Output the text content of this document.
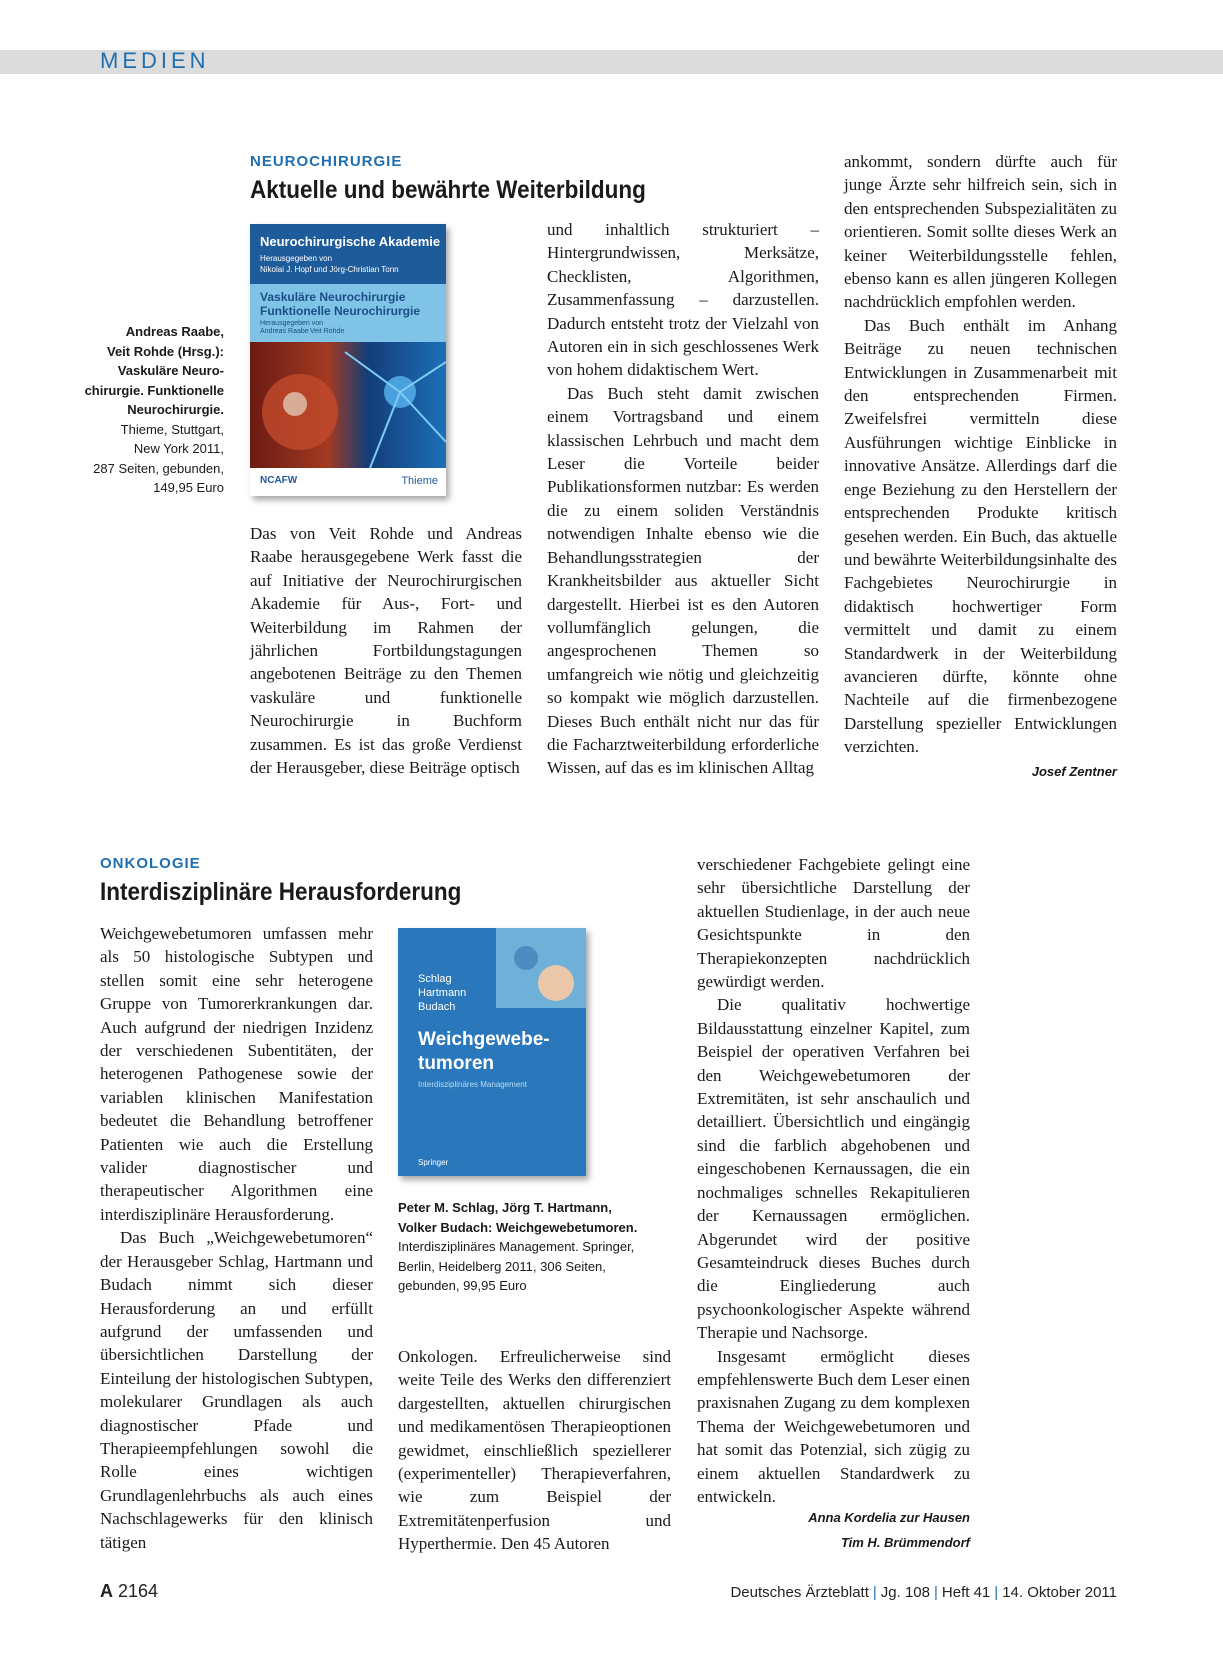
MEDIEN
NEUROCHIRURGIE
Aktuelle und bewährte Weiterbildung
Andreas Raabe,
Veit Rohde (Hrsg.):
Vaskuläre Neuro-
chirurgie. Funktionelle
Neurochirurgie.
Thieme, Stuttgart,
New York 2011,
287 Seiten, gebunden,
149,95 Euro
Neurochirurgische Akademie
Herausgegeben von
Nikolai J. Hopf und Jörg-Christian Tonn
Vaskuläre Neurochirurgie
Funktionelle Neurochirurgie
Herausgegeben von
Andreas Raabe Veit Rohde
NCAFW	Thieme

Das von Veit Rohde und Andreas Raabe herausgegebene Werk fasst die auf Initiative der Neurochirurgischen Akademie für Aus-, Fort- und Weiterbildung im Rahmen der jährlichen Fortbildungstagungen angebotenen Beiträge zu den Themen vaskuläre und funktionelle Neurochirurgie in Buchform zusammen. Es ist das große Verdienst der Herausgeber, diese Beiträge optisch

und inhaltlich strukturiert – Hintergrundwissen, Merksätze, Checklisten, Algorithmen, Zusammenfassung – darzustellen. Dadurch entsteht trotz der Vielzahl von Autoren ein in sich geschlossenes Werk von hohem didaktischem Wert.

Das Buch steht damit zwischen einem Vortragsband und einem klassischen Lehrbuch und macht dem Leser die Vorteile beider Publikationsformen nutzbar: Es werden die zu einem soliden Verständnis notwendigen Inhalte ebenso wie die Behandlungsstrategien der Krankheitsbilder aus aktueller Sicht dargestellt. Hierbei ist es den Autoren vollumfänglich gelungen, die angesprochenen Themen so umfangreich wie nötig und gleichzeitig so kompakt wie möglich darzustellen. Dieses Buch enthält nicht nur das für die Facharztweiterbildung erforderliche Wissen, auf das es im klinischen Alltag

ankommt, sondern dürfte auch für junge Ärzte sehr hilfreich sein, sich in den entsprechenden Subspezialitäten zu orientieren. Somit sollte dieses Werk an keiner Weiterbildungsstelle fehlen, ebenso kann es allen jüngeren Kollegen nachdrücklich empfohlen werden.

Das Buch enthält im Anhang Beiträge zu neuen technischen Entwicklungen in Zusammenarbeit mit den entsprechenden Firmen. Zweifelsfrei vermitteln diese Ausführungen wichtige Einblicke in innovative Ansätze. Allerdings darf die enge Beziehung zu den Herstellern der entsprechenden Produkte kritisch gesehen werden. Ein Buch, das aktuelle und bewährte Weiterbildungsinhalte des Fachgebietes Neurochirurgie in didaktisch hochwertiger Form vermittelt und damit zu einem Standardwerk in der Weiterbildung avancieren dürfte, könnte ohne Nachteile auf die firmenbezogene Darstellung spezieller Entwicklungen verzichten.

Josef Zentner
ONKOLOGIE
Interdisziplinäre Herausforderung

Weichgewebetumoren umfassen mehr als 50 histologische Subtypen und stellen somit eine sehr heterogene Gruppe von Tumorerkrankungen dar. Auch aufgrund der niedrigen Inzidenz der verschiedenen Subentitäten, der heterogenen Pathogenese sowie der variablen klinischen Manifestation bedeutet die Behandlung betroffener Patienten wie auch die Erstellung valider diagnostischer und therapeutischer Algorithmen eine interdisziplinäre Herausforderung.

Das Buch „Weichgewebetumoren“ der Herausgeber Schlag, Hartmann und Budach nimmt sich dieser Herausforderung an und erfüllt aufgrund der umfassenden und übersichtlichen Darstellung der Einteilung der histologischen Subtypen, molekularer Grundlagen als auch diagnostischer Pfade und Therapieempfehlungen sowohl die Rolle eines wichtigen Grundlagenlehrbuchs als auch eines Nachschlagewerks für den klinisch tätigen

Schlag
Hartmann
Budach
Weichgewebe-
tumoren
Interdisziplinäres Management
Springer
Peter M. Schlag, Jörg T. Hartmann,
Volker Budach: Weichgewebetumoren.
Interdisziplinäres Management. Springer,
Berlin, Heidelberg 2011, 306 Seiten,
gebunden, 99,95 Euro

Onkologen. Erfreulicherweise sind weite Teile des Werks den differenziert dargestellten, aktuellen chirurgischen und medikamentösen Therapieoptionen gewidmet, einschließlich speziellerer (experimenteller) Therapieverfahren, wie zum Beispiel der Extremitätenperfusion und Hyperthermie. Den 45 Autoren

verschiedener Fachgebiete gelingt eine sehr übersichtliche Darstellung der aktuellen Studienlage, in der auch neue Gesichtspunkte in den Therapiekonzepten nachdrücklich gewürdigt werden.

Die qualitativ hochwertige Bildausstattung einzelner Kapitel, zum Beispiel der operativen Verfahren bei den Weichgewebetumoren der Extremitäten, ist sehr anschaulich und detailliert. Übersichtlich und eingängig sind die farblich abgehobenen und eingeschobenen Kernaussagen, die ein nochmaliges schnelles Rekapitulieren der Kernaussagen ermöglichen. Abgerundet wird der positive Gesamteindruck dieses Buches durch die Eingliederung auch psychoonkologischer Aspekte während Therapie und Nachsorge.

Insgesamt ermöglicht dieses empfehlenswerte Buch dem Leser einen praxisnahen Zugang zu dem komplexen Thema der Weichgewebetumoren und hat somit das Potenzial, sich zügig zu einem aktuellen Standardwerk zu entwickeln.

Anna Kordelia zur Hausen
Tim H. Brümmendorf
A 2164	Deutsches Ärzteblatt | Jg. 108 | Heft 41 | 14. Oktober 2011
